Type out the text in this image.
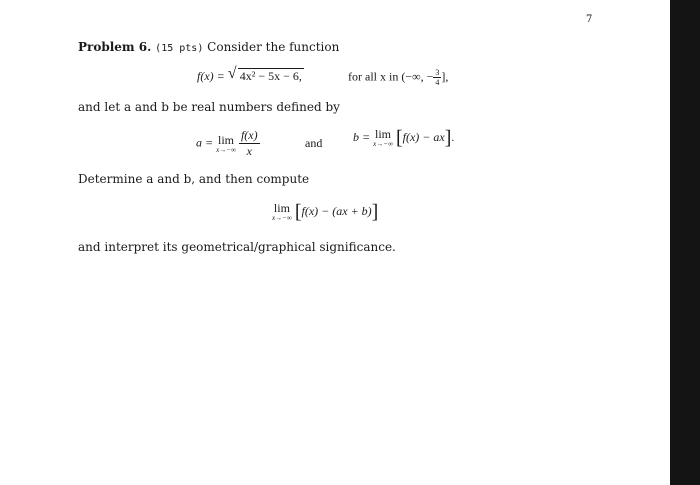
7
Problem 6. (15 pts) Consider the function
f(x) = √ 4x² − 5x − 6,	for all x in (−∞, − $\frac{3}{4}$ ],
and let a and b be real numbers defined by
a = lim
x→−∞
$\frac{f(x)}{x}$	and	b = lim
x→−∞ [f(x) − ax].
Determine a and b, and then compute
lim
x→−∞ [f(x) − (ax + b)]
and interpret its geometrical/graphical significance.
